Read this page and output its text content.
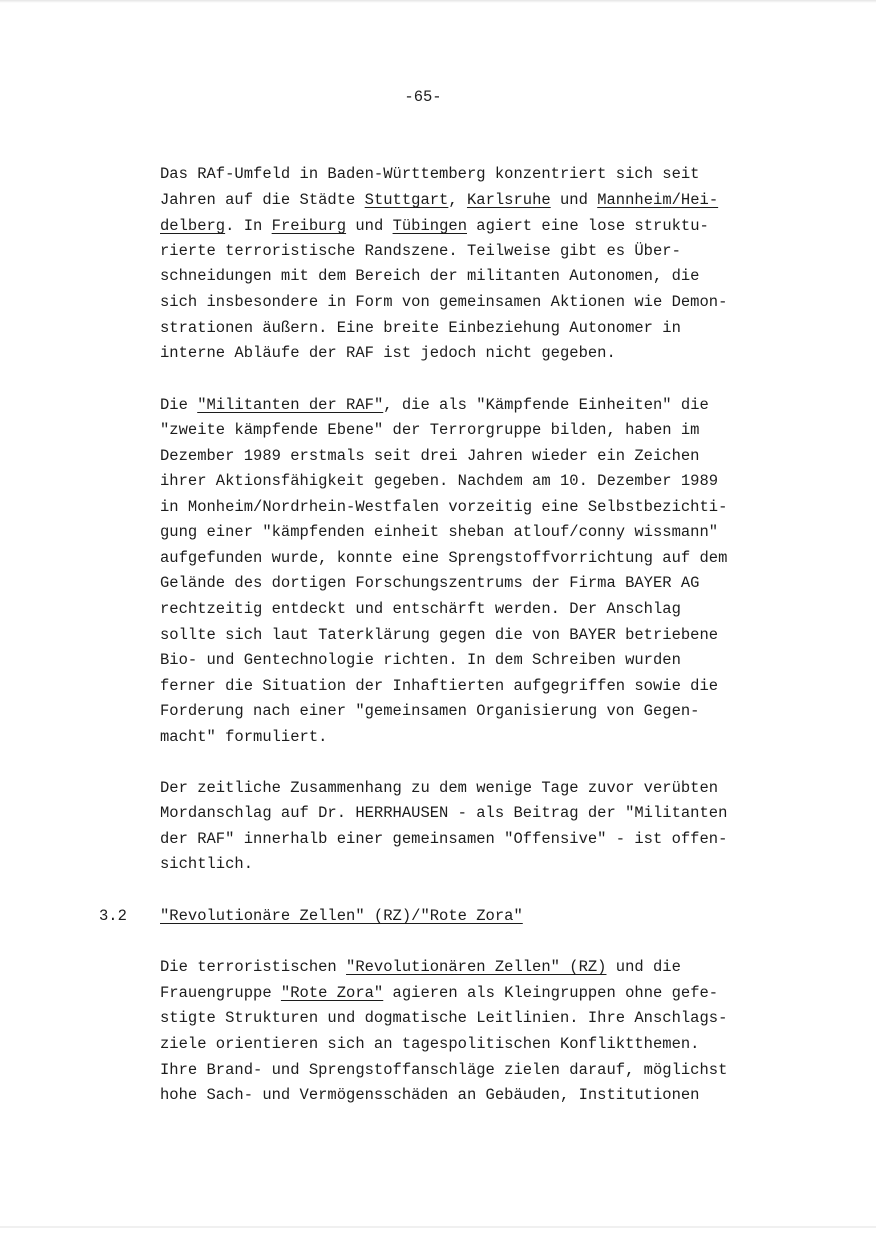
-65-
Das RAf-Umfeld in Baden-Württemberg konzentriert sich seit
Jahren auf die Städte Stuttgart, Karlsruhe und Mannheim/Hei-
delberg. In Freiburg und Tübingen agiert eine lose struktu-
rierte terroristische Randszene. Teilweise gibt es Über-
schneidungen mit dem Bereich der militanten Autonomen, die
sich insbesondere in Form von gemeinsamen Aktionen wie Demon-
strationen äußern. Eine breite Einbeziehung Autonomer in
interne Abläufe der RAF ist jedoch nicht gegeben.
Die "Militanten der RAF", die als "Kämpfende Einheiten" die
"zweite kämpfende Ebene" der Terrorgruppe bilden, haben im
Dezember 1989 erstmals seit drei Jahren wieder ein Zeichen
ihrer Aktionsfähigkeit gegeben. Nachdem am 10. Dezember 1989
in Monheim/Nordrhein-Westfalen vorzeitig eine Selbstbezichti-
gung einer "kämpfenden einheit sheban atlouf/conny wissmann"
aufgefunden wurde, konnte eine Sprengstoffvorrichtung auf dem
Gelände des dortigen Forschungszentrums der Firma BAYER AG
rechtzeitig entdeckt und entschärft werden. Der Anschlag
sollte sich laut Taterklärung gegen die von BAYER betriebene
Bio- und Gentechnologie richten. In dem Schreiben wurden
ferner die Situation der Inhaftierten aufgegriffen sowie die
Forderung nach einer "gemeinsamen Organisierung von Gegen-
macht" formuliert.
Der zeitliche Zusammenhang zu dem wenige Tage zuvor verübten
Mordanschlag auf Dr. HERRHAUSEN - als Beitrag der "Militanten
der RAF" innerhalb einer gemeinsamen "Offensive" - ist offen-
sichtlich.
3.2 "Revolutionäre Zellen" (RZ)/"Rote Zora"
Die terroristischen "Revolutionären Zellen" (RZ) und die
Frauengruppe "Rote Zora" agieren als Kleingruppen ohne gefe-
stigte Strukturen und dogmatische Leitlinien. Ihre Anschlags-
ziele orientieren sich an tagespolitischen Konfliktthemen.
Ihre Brand- und Sprengstoffanschläge zielen darauf, möglichst
hohe Sach- und Vermögensschäden an Gebäuden, Institutionen
